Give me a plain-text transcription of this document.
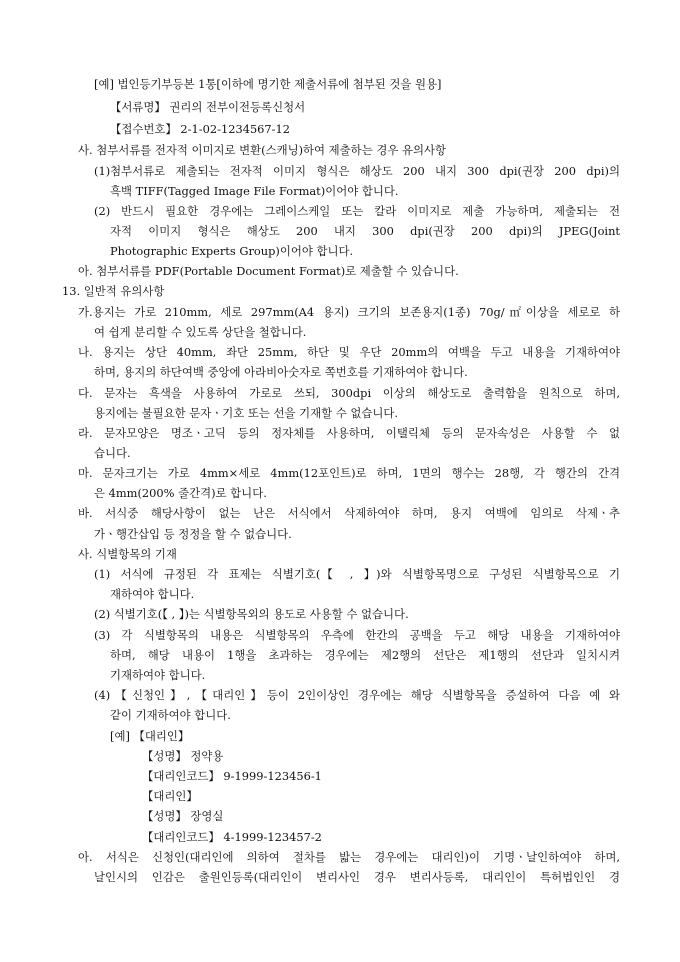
[예] 법인등기부등본 1통[이하에 명기한 제출서류에 첨부된 것을 원용]
【서류명】 권리의 전부이전등록신청서
【접수번호】 2-1-02-1234567-12
사. 첨부서류를 전자적 이미지로 변환(스캐닝)하여 제출하는 경우 유의사항
(1)첨부서류로 제출되는 전자적 이미지 형식은 해상도 200 내지 300 dpi(권장 200 dpi)의
흑백 TIFF(Tagged Image File Format)이어야 합니다.
(2) 반드시 필요한 경우에는 그레이스케일 또는 칼라 이미지로 제출 가능하며, 제출되는 전
자적 이미지 형식은 해상도 200 내지 300 dpi(권장 200 dpi)의 JPEG(Joint
Photographic Experts Group)이어야 합니다.
아. 첨부서류를 PDF(Portable Document Format)로 제출할 수 있습니다.
13. 일반적 유의사항
가.용지는 가로 210mm, 세로 297mm(A4 용지) 크기의 보존용지(1종) 70g/㎡이상을 세로로 하
여 쉽게 분리할 수 있도록 상단을 철합니다.
나. 용지는 상단 40mm, 좌단 25mm, 하단 및 우단 20mm의 여백을 두고 내용을 기재하여야
하며, 용지의 하단여백 중앙에 아라비아숫자로 쪽번호를 기재하여야 합니다.
다. 문자는 흑색을 사용하여 가로로 쓰되, 300dpi 이상의 해상도로 출력함을 원칙으로 하며,
용지에는 불필요한 문자ㆍ기호 또는 선을 기재할 수 없습니다.
라. 문자모양은 명조ㆍ고딕 등의 정자체를 사용하며, 이탤릭체 등의 문자속성은 사용할 수 없
습니다.
마. 문자크기는 가로 4mm×세로 4mm(12포인트)로 하며, 1면의 행수는 28행, 각 행간의 간격
은 4mm(200% 줄간격)로 합니다.
바. 서식중 해당사항이 없는 난은 서식에서 삭제하여야 하며, 용지 여백에 임의로 삭제ㆍ추
가ㆍ행간삽입 등 정정을 할 수 없습니다.
사. 식별항목의 기재
(1) 서식에 규정된 각 표제는 식별기호(【 , 】)와 식별항목명으로 구성된 식별항목으로 기
재하여야 합니다.
(2) 식별기호(【 , 】)는 식별항목외의 용도로 사용할 수 없습니다.
(3) 각 식별항목의 내용은 식별항목의 우측에 한칸의 공백을 두고 해당 내용을 기재하여야
하며, 해당 내용이 1행을 초과하는 경우에는 제2행의 선단은 제1행의 선단과 일치시켜
기재하여야 합니다.
(4)【신청인】,【대리인】등이 2인이상인 경우에는 해당 식별항목을 증설하여 다음 예 와
같이 기재하여야 합니다.
[예] 【대리인】
【성명】 정약용
【대리인코드】 9-1999-123456-1
【대리인】
【성명】 장영실
【대리인코드】 4-1999-123457-2
아. 서식은 신청인(대리인에 의하여 절차를 밟는 경우에는 대리인)이 기명ㆍ날인하여야 하며,
날인시의 인감은 출원인등록(대리인이 변리사인 경우 변리사등록, 대리인이 특허법인인 경
